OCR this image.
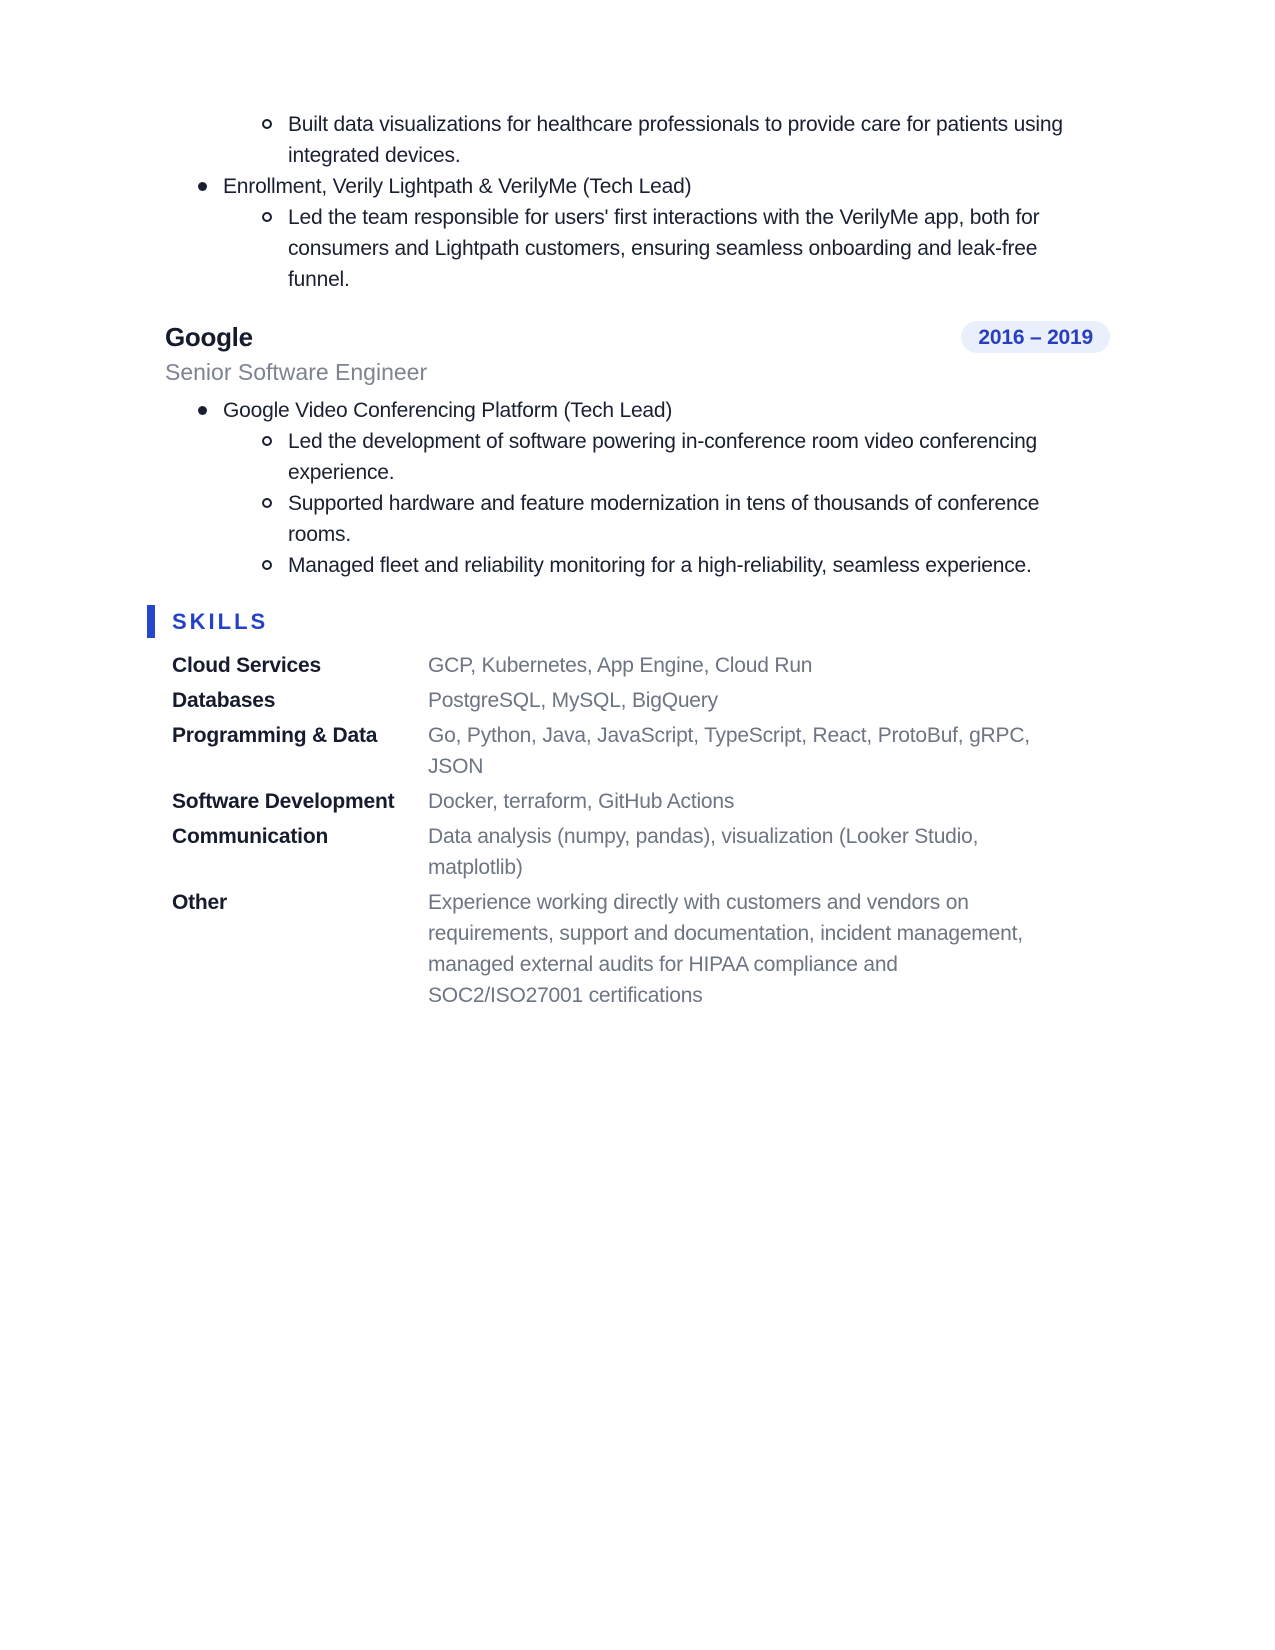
Built data visualizations for healthcare professionals to provide care for patients using integrated devices.
Enrollment, Verily Lightpath & VerilyMe (Tech Lead)
Led the team responsible for users' first interactions with the VerilyMe app, both for consumers and Lightpath customers, ensuring seamless onboarding and leak-free funnel.
Google	2016 – 2019
Senior Software Engineer
Google Video Conferencing Platform (Tech Lead)
Led the development of software powering in-conference room video conferencing experience.
Supported hardware and feature modernization in tens of thousands of conference rooms.
Managed fleet and reliability monitoring for a high-reliability, seamless experience.
SKILLS
Cloud Services	GCP, Kubernetes, App Engine, Cloud Run
Databases	PostgreSQL, MySQL, BigQuery
Programming & Data	Go, Python, Java, JavaScript, TypeScript, React, ProtoBuf, gRPC, JSON
Software Development	Docker, terraform, GitHub Actions
Communication	Data analysis (numpy, pandas), visualization (Looker Studio, matplotlib)
Other	Experience working directly with customers and vendors on requirements, support and documentation, incident management, managed external audits for HIPAA compliance and SOC2/ISO27001 certifications
